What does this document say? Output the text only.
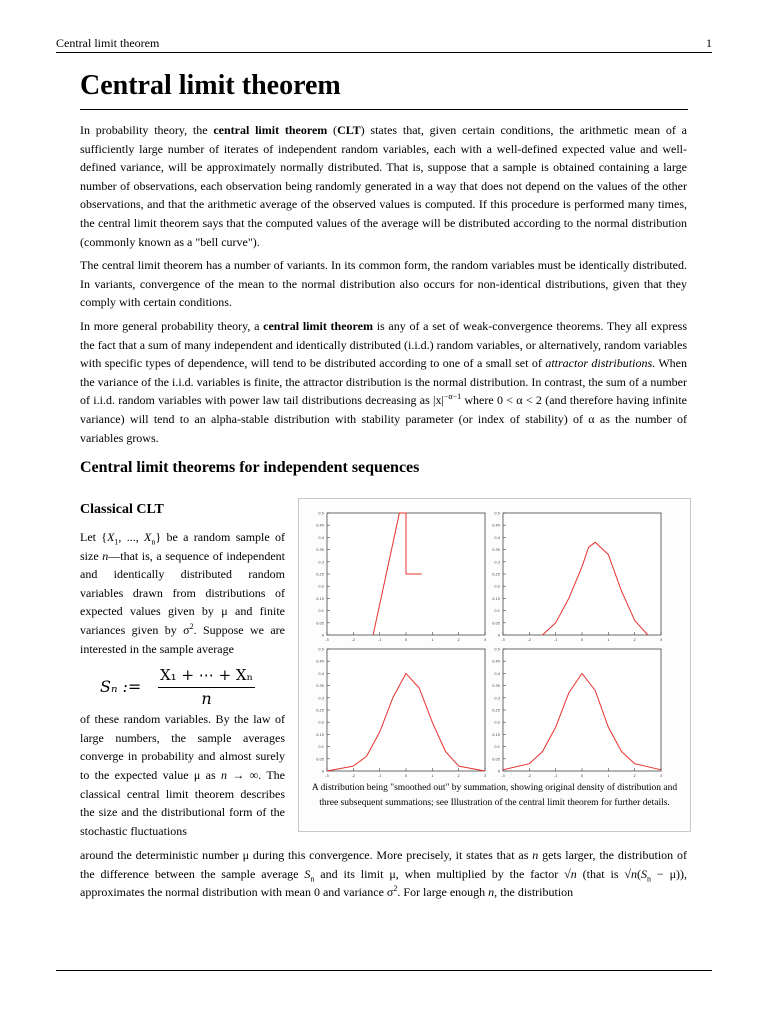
Central limit theorem	1
Central limit theorem

In probability theory, the central limit theorem (CLT) states that, given certain conditions, the arithmetic mean of a sufficiently large number of iterates of independent random variables, each with a well-defined expected value and well-defined variance, will be approximately normally distributed. That is, suppose that a sample is obtained containing a large number of observations, each observation being randomly generated in a way that does not depend on the values of the other observations, and that the arithmetic average of the observed values is computed. If this procedure is performed many times, the central limit theorem says that the computed values of the average will be distributed according to the normal distribution (commonly known as a "bell curve").

The central limit theorem has a number of variants. In its common form, the random variables must be identically distributed. In variants, convergence of the mean to the normal distribution also occurs for non-identical distributions, given that they comply with certain conditions.

In more general probability theory, a central limit theorem is any of a set of weak-convergence theorems. They all express the fact that a sum of many independent and identically distributed (i.i.d.) random variables, or alternatively, random variables with specific types of dependence, will tend to be distributed according to one of a small set of attractor distributions. When the variance of the i.i.d. variables is finite, the attractor distribution is the normal distribution. In contrast, the sum of a number of i.i.d. random variables with power law tail distributions decreasing as $|x|^{-\alpha-1}$ where 0 < α < 2 (and therefore having infinite variance) will tend to an alpha-stable distribution with stability parameter (or index of stability) of α as the number of variables grows.

Central limit theorems for independent sequences
Classical CLT

Let {$X_1$, ..., $X_n$} be a random sample of size n—that is, a sequence of independent and identically distributed random variables drawn from distributions of expected values given by μ and finite variances given by $\sigma^2$. Suppose we are interested in the sample average

Sₙ := $\frac{\text{X₁ + ⋯ + Xₙ}}{n}$

of these random variables. By the law of large numbers, the sample averages converge in probability and almost surely to the expected value μ as n → ∞. The classical central limit theorem describes the size and the distributional form of the stochastic fluctuations

0.5
0.45
0.4
0.35
0.3
0.25
0.2
0.15
0.1
0.05
0
-3	-2	-1	0	1	2	3
0.5
0.45
0.4
0.35
0.3
0.25
0.2
0.15
0.1
0.05
0
-3	-2	-1	0	1	2	3
0.5
0.45
0.4
0.35
0.3
0.25
0.2
0.15
0.1
0.05
0
-3	-2	-1	0	1	2	3
0.5
0.45
0.4
0.35
0.3
0.25
0.2
0.15
0.1
0.05
0
-3	-2	-1	0	1	2	3
A distribution being "smoothed out" by summation, showing original density of distribution and three subsequent summations; see Illustration of the central limit theorem for further details.

around the deterministic number μ during this convergence. More precisely, it states that as n gets larger, the distribution of the difference between the sample average $S_n$ and its limit μ, when multiplied by the factor √n (that is $√n(S_n - \mu)$), approximates the normal distribution with mean 0 and variance $\sigma^2$. For large enough n, the distribution
